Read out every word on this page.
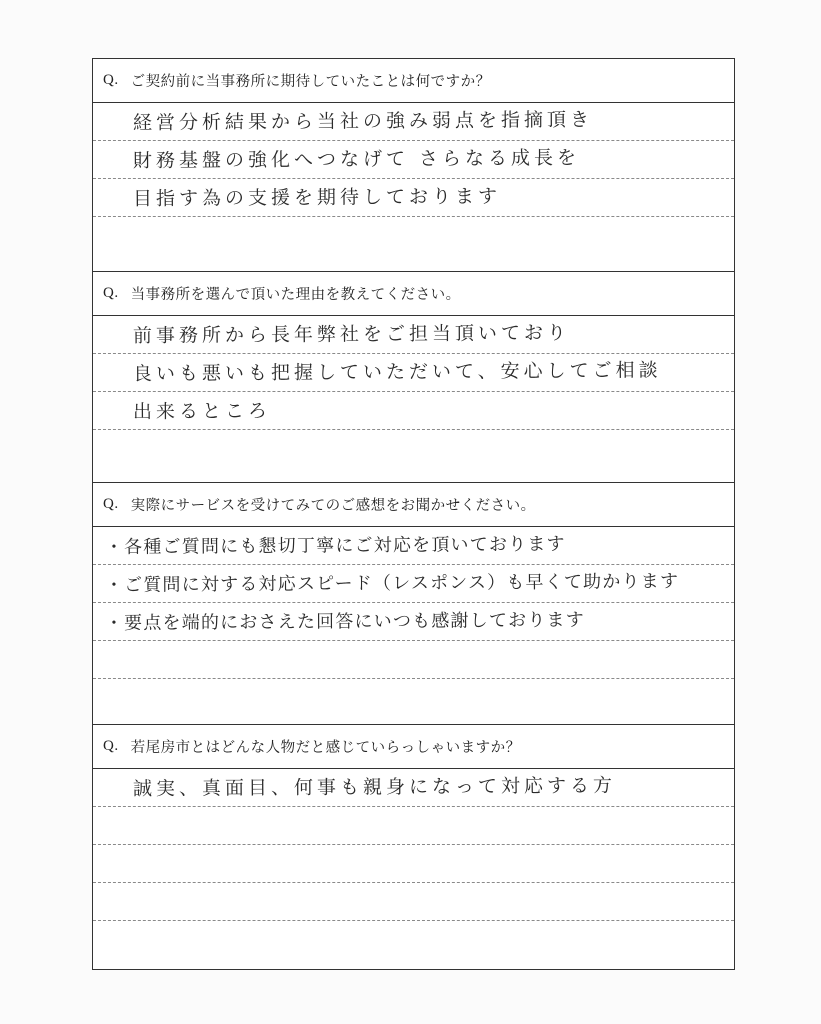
Q. ご契約前に当事務所に期待していたことは何ですか？
経営分析結果から当社の強み弱点を指摘頂き
財務基盤の強化へつなげて さらなる成長を
目指す為の支援を期待しております
Q. 当事務所を選んで頂いた理由を教えてください。
前事務所から長年弊社をご担当頂いており
良いも悪いも把握していただいて、安心してご相談
出来るところ
Q. 実際にサービスを受けてみてのご感想をお聞かせください。
・各種ご質問にも懇切丁寧にご対応を頂いております
・ご質問に対する対応スピード（レスポンス）も早くて助かります
・要点を端的におさえた回答にいつも感謝しております
Q. 若尾房市とはどんな人物だと感じていらっしゃいますか？
誠実、真面目、何事も親身になって対応する方
